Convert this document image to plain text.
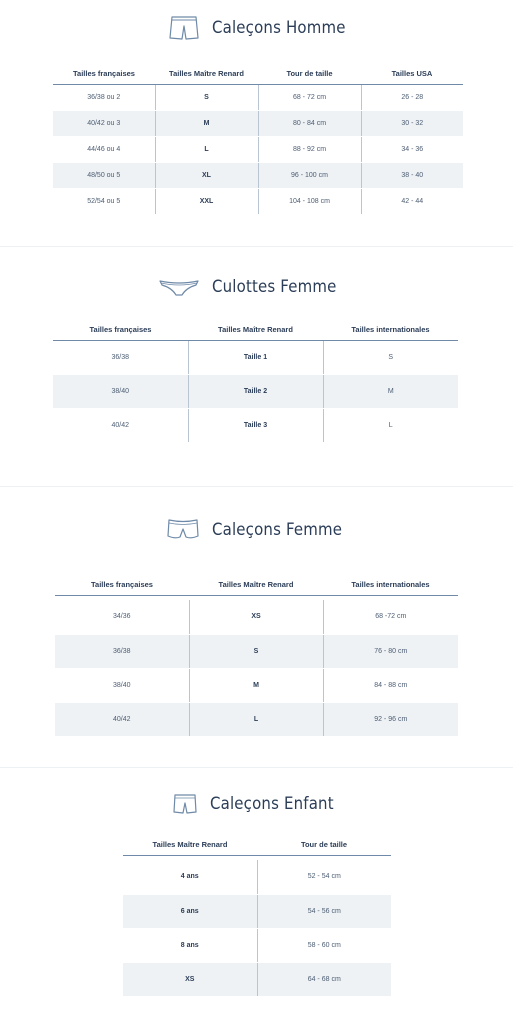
Caleçons Homme
Tailles françaises	Tailles Maître Renard	Tour de taille	Tailles USA
36/38 ou 2	S	68 - 72 cm	26 - 28
40/42 ou 3	M	80 - 84 cm	30 - 32
44/46 ou 4	L	88 - 92 cm	34 - 36
48/50 ou 5	XL	96 - 100 cm	38 - 40
52/54 ou 5	XXL	104 - 108 cm	42 - 44
Culottes Femme
Tailles françaises	Tailles Maître Renard	Tailles internationales
36/38	Taille 1	S
38/40	Taille 2	M
40/42	Taille 3	L
Caleçons Femme
Tailles françaises	Tailles Maître Renard	Tailles internationales

34/36	XS	68 -72 cm
36/38	S	76 - 80 cm
38/40	M	84 - 88 cm
40/42	L	92 - 96 cm
Caleçons Enfant
Tailles Maître Renard	Tour de taille

4 ans	52 - 54 cm
6 ans	54 - 56 cm
8 ans	58 - 60 cm
XS	64 - 68 cm
